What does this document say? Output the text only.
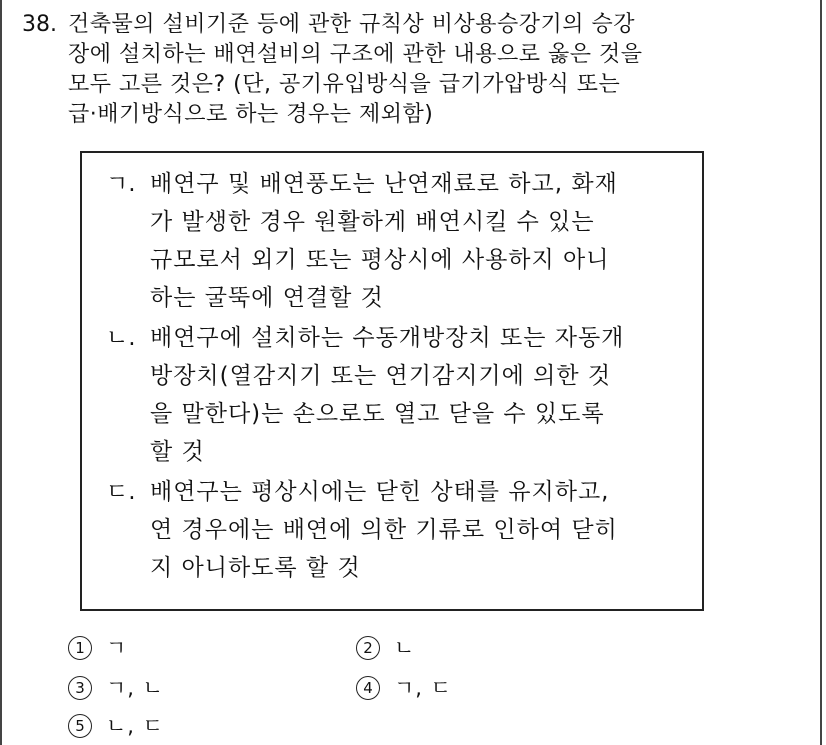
38. 건축물의 설비기준 등에 관한 규칙상 비상용승강기의 승강
장에 설치하는 배연설비의 구조에 관한 내용으로 옳은 것을
모두 고른 것은? (단, 공기유입방식을 급기가압방식 또는
급·배기방식으로 하는 경우는 제외함)
ㄱ. 배연구 및 배연풍도는 난연재료로 하고, 화재
가 발생한 경우 원활하게 배연시킬 수 있는
규모로서 외기 또는 평상시에 사용하지 아니
하는 굴뚝에 연결할 것
ㄴ. 배연구에 설치하는 수동개방장치 또는 자동개
방장치(열감지기 또는 연기감지기에 의한 것
을 말한다)는 손으로도 열고 닫을 수 있도록
할 것
ㄷ. 배연구는 평상시에는 닫힌 상태를 유지하고,
연 경우에는 배연에 의한 기류로 인하여 닫히
지 아니하도록 할 것
1	ㄱ	2	ㄴ
3	ㄱ, ㄴ	4	ㄱ, ㄷ
5	ㄴ, ㄷ
